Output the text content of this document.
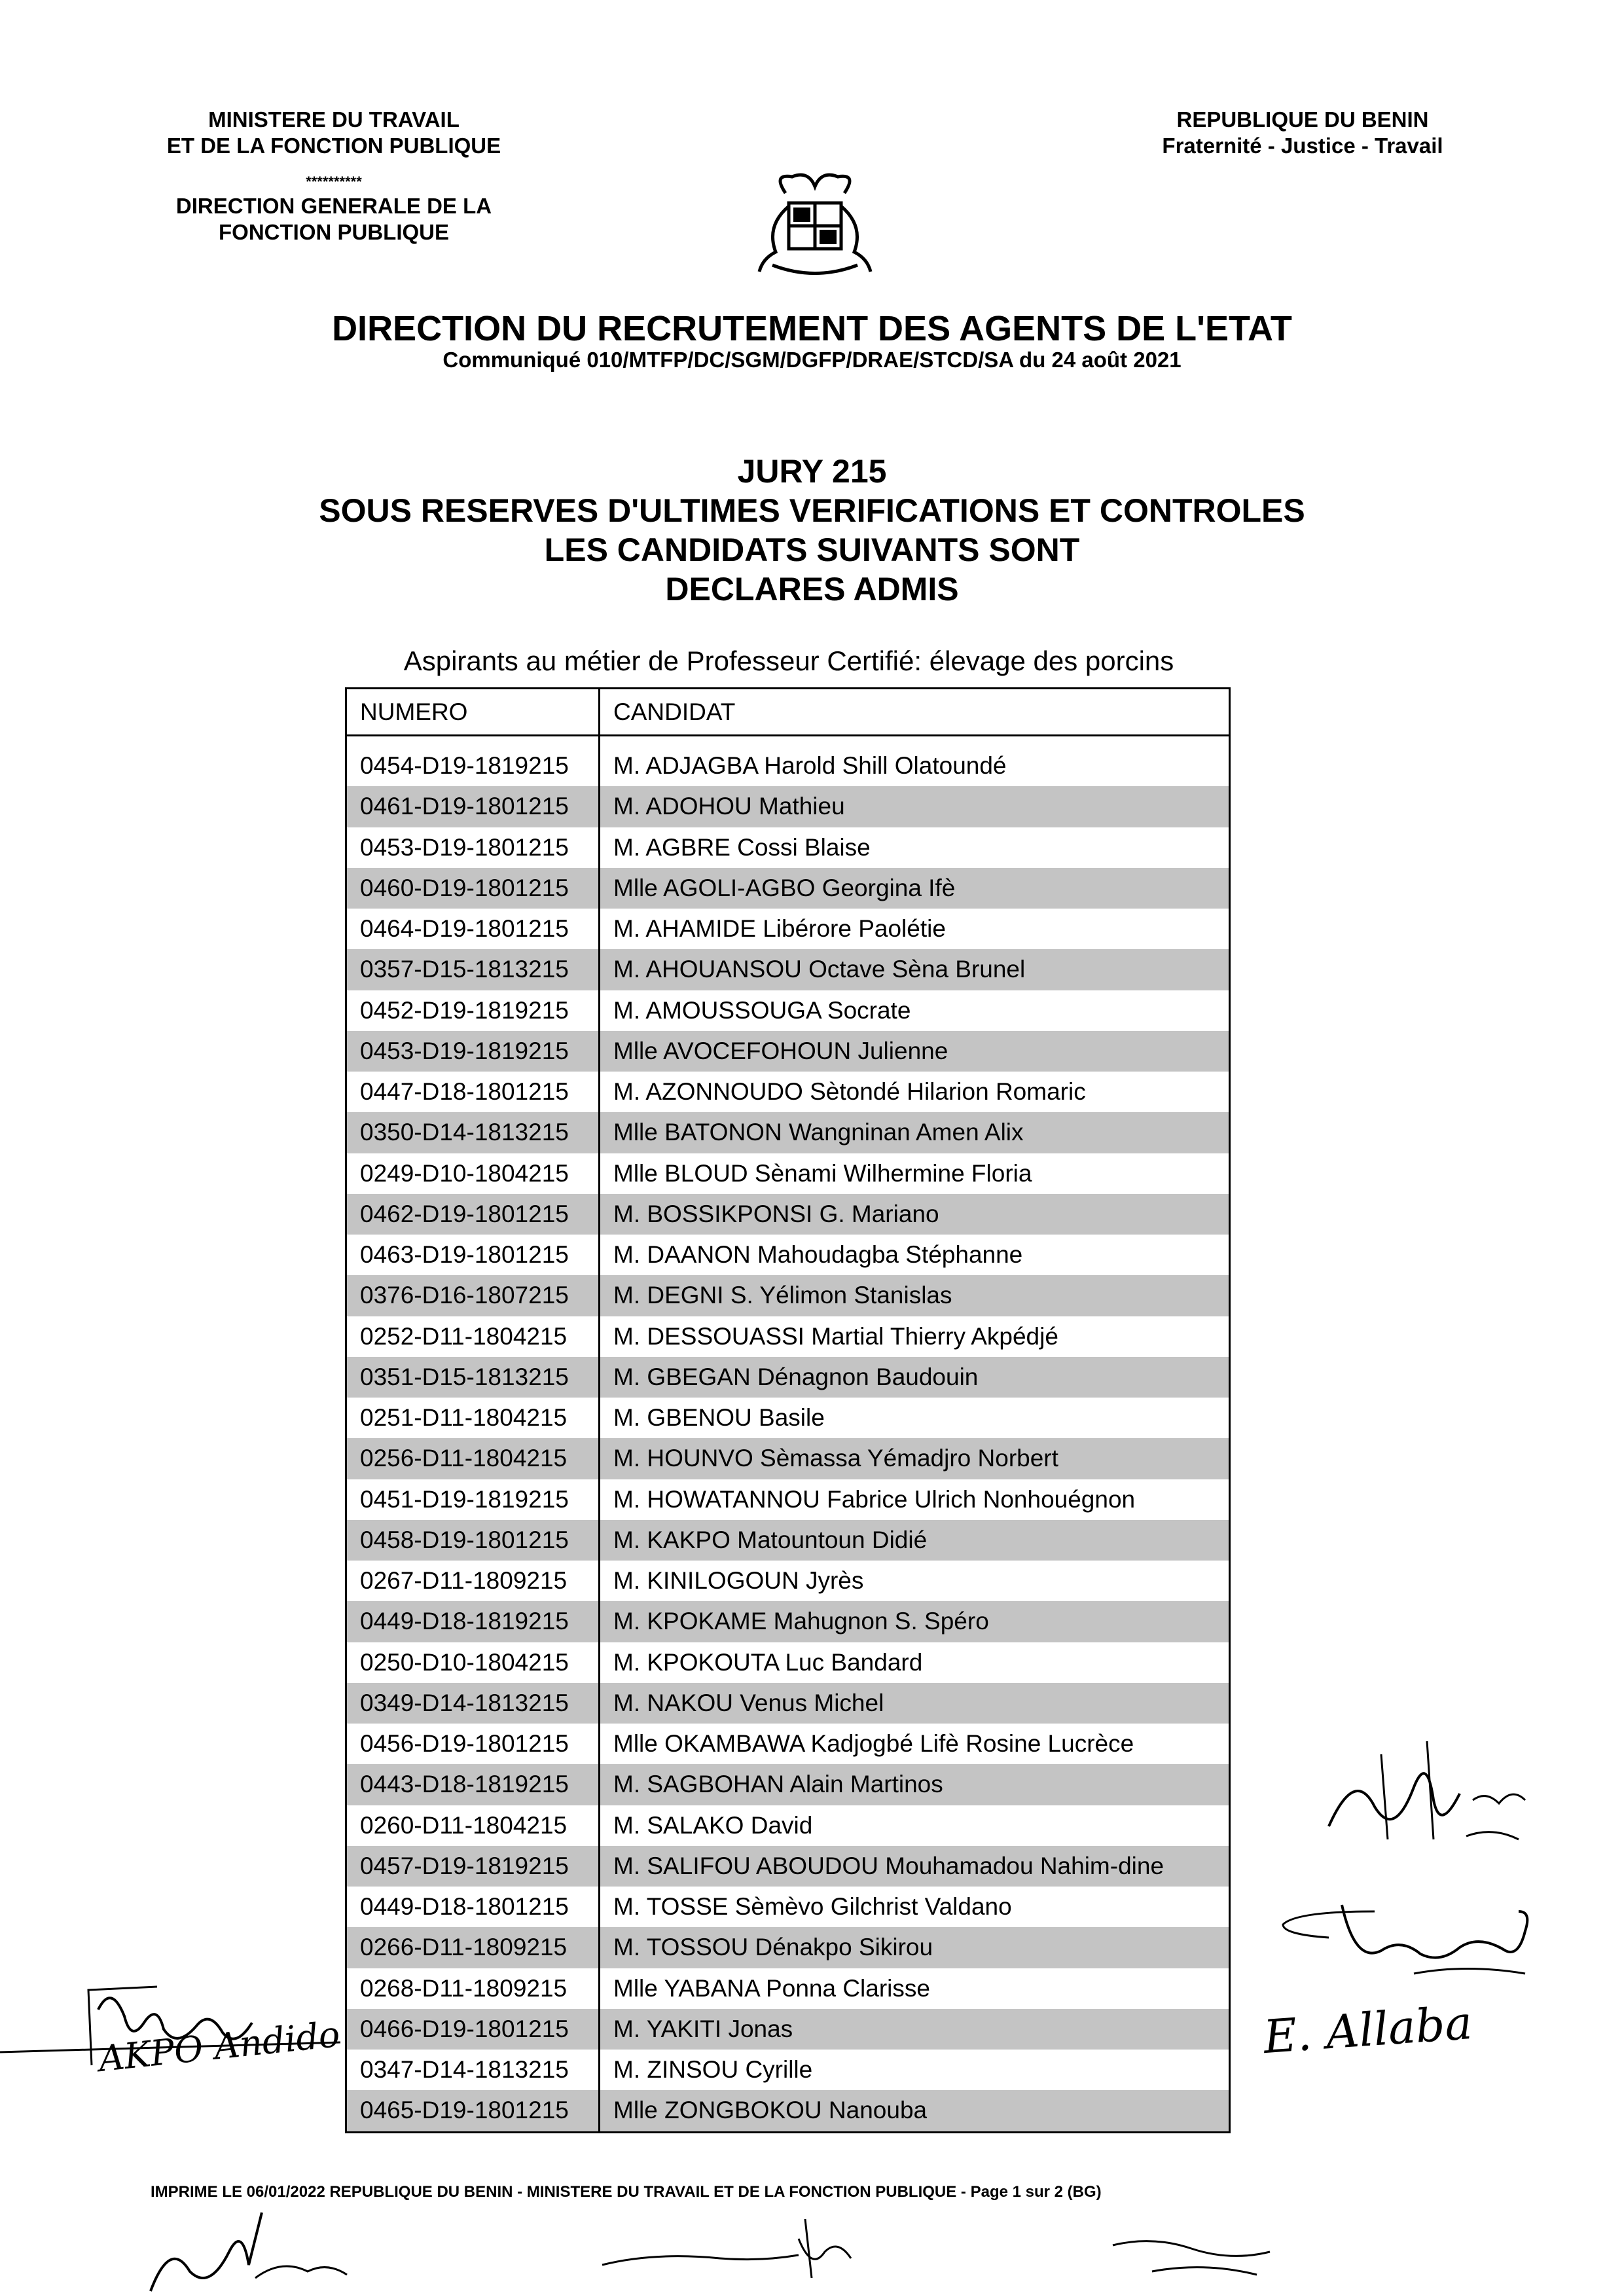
MINISTERE DU TRAVAIL
ET DE LA FONCTION PUBLIQUE
**********
DIRECTION GENERALE DE LA
FONCTION PUBLIQUE
REPUBLIQUE DU BENIN
Fraternité - Justice - Travail
DIRECTION DU RECRUTEMENT DES AGENTS DE L'ETAT
Communiqué 010/MTFP/DC/SGM/DGFP/DRAE/STCD/SA du 24 août 2021
JURY 215
SOUS RESERVES D'ULTIMES VERIFICATIONS ET CONTROLES
LES CANDIDATS SUIVANTS SONT
DECLARES ADMIS
Aspirants au métier de Professeur Certifié: élevage des porcins
NUMERO	CANDIDAT
0454-D19-1819215	M. ADJAGBA Harold Shill Olatoundé
0461-D19-1801215	M. ADOHOU Mathieu
0453-D19-1801215	M. AGBRE Cossi Blaise
0460-D19-1801215	Mlle AGOLI-AGBO Georgina Ifè
0464-D19-1801215	M. AHAMIDE Libérore Paolétie
0357-D15-1813215	M. AHOUANSOU Octave Sèna Brunel
0452-D19-1819215	M. AMOUSSOUGA Socrate
0453-D19-1819215	Mlle AVOCEFOHOUN Julienne
0447-D18-1801215	M. AZONNOUDO Sètondé Hilarion Romaric
0350-D14-1813215	Mlle BATONON Wangninan Amen Alix
0249-D10-1804215	Mlle BLOUD Sènami Wilhermine Floria
0462-D19-1801215	M. BOSSIKPONSI G. Mariano
0463-D19-1801215	M. DAANON Mahoudagba Stéphanne
0376-D16-1807215	M. DEGNI S. Yélimon Stanislas
0252-D11-1804215	M. DESSOUASSI Martial Thierry Akpédjé
0351-D15-1813215	M. GBEGAN Dénagnon Baudouin
0251-D11-1804215	M. GBENOU Basile
0256-D11-1804215	M. HOUNVO Sèmassa Yémadjro Norbert
0451-D19-1819215	M. HOWATANNOU Fabrice Ulrich Nonhouégnon
0458-D19-1801215	M. KAKPO Matountoun Didié
0267-D11-1809215	M. KINILOGOUN Jyrès
0449-D18-1819215	M. KPOKAME Mahugnon S. Spéro
0250-D10-1804215	M. KPOKOUTA Luc Bandard
0349-D14-1813215	M. NAKOU Venus Michel
0456-D19-1801215	Mlle OKAMBAWA Kadjogbé Lifè Rosine Lucrèce
0443-D18-1819215	M. SAGBOHAN Alain Martinos
0260-D11-1804215	M. SALAKO David
0457-D19-1819215	M. SALIFOU ABOUDOU Mouhamadou Nahim-dine
0449-D18-1801215	M. TOSSE Sèmèvo Gilchrist Valdano
0266-D11-1809215	M. TOSSOU Dénakpo Sikirou
0268-D11-1809215	Mlle YABANA Ponna Clarisse
0466-D19-1801215	M. YAKITI Jonas
0347-D14-1813215	M. ZINSOU Cyrille
0465-D19-1801215	Mlle ZONGBOKOU Nanouba
IMPRIME LE 06/01/2022 REPUBLIQUE DU BENIN - MINISTERE DU TRAVAIL ET DE LA FONCTION PUBLIQUE - Page 1 sur 2 (BG)
AKPO Andido	E. Allaba
